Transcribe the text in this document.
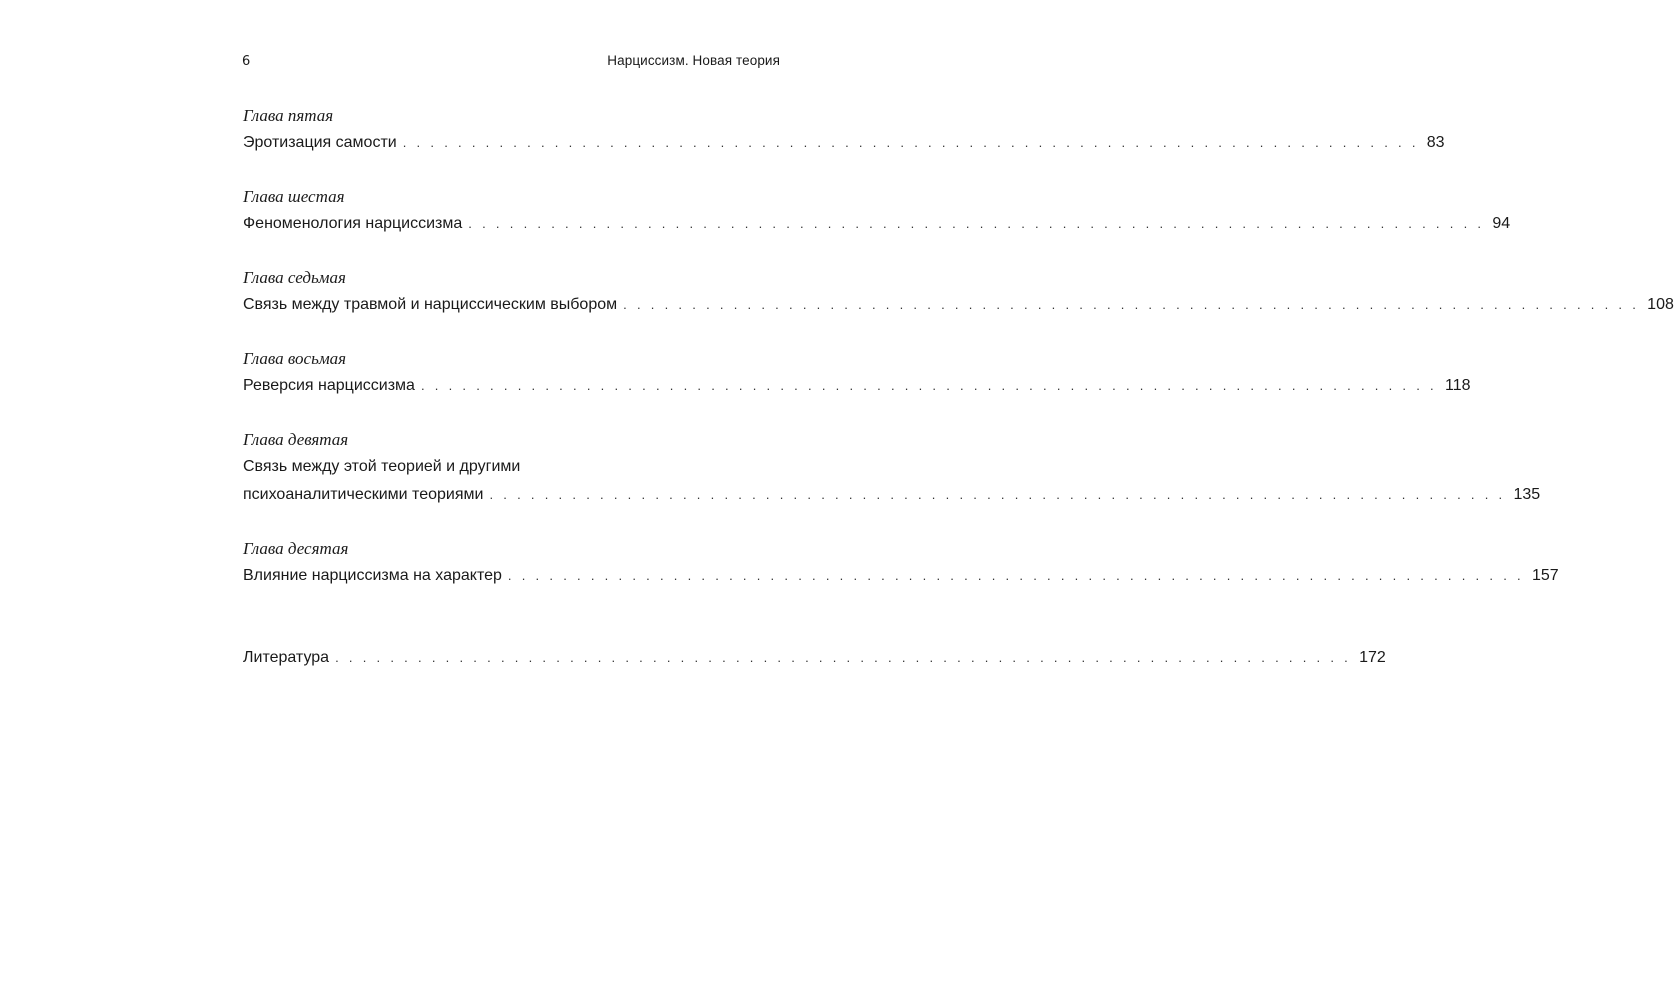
6	Нарциссизм. Новая теория
Глава пятая
Эротизация самости . . . . . . . . . . . . . . . . . . . . . . . . . . . . . . . . . . . . . . . . . . . . . . . . . . . . . . . . . . . . . . . . . . . . . . . . . . 83
Глава шестая
Феноменология нарциссизма . . . . . . . . . . . . . . . . . . . . . . . . . . . . . . . . . . . . . . . . . . . . . . . . . . . . . . . . . . . . . . . . . . . . . . . . . . 94
Глава седьмая
Связь между травмой и нарциссическим выбором . . . . . . . . . . . . . . . . . . . . . . . . . . . . . . . . . . . . . . . . . . . . . . . . . . . . . . . . . . . . . . . . . . . . . . . . . . 108
Глава восьмая
Реверсия нарциссизма . . . . . . . . . . . . . . . . . . . . . . . . . . . . . . . . . . . . . . . . . . . . . . . . . . . . . . . . . . . . . . . . . . . . . . . . . . 118
Глава девятая
Связь между этой теорией и другими
психоаналитическими теориями . . . . . . . . . . . . . . . . . . . . . . . . . . . . . . . . . . . . . . . . . . . . . . . . . . . . . . . . . . . . . . . . . . . . . . . . . . 135
Глава десятая
Влияние нарциссизма на характер . . . . . . . . . . . . . . . . . . . . . . . . . . . . . . . . . . . . . . . . . . . . . . . . . . . . . . . . . . . . . . . . . . . . . . . . . . 157
Литература . . . . . . . . . . . . . . . . . . . . . . . . . . . . . . . . . . . . . . . . . . . . . . . . . . . . . . . . . . . . . . . . . . . . . . . . . . 172
